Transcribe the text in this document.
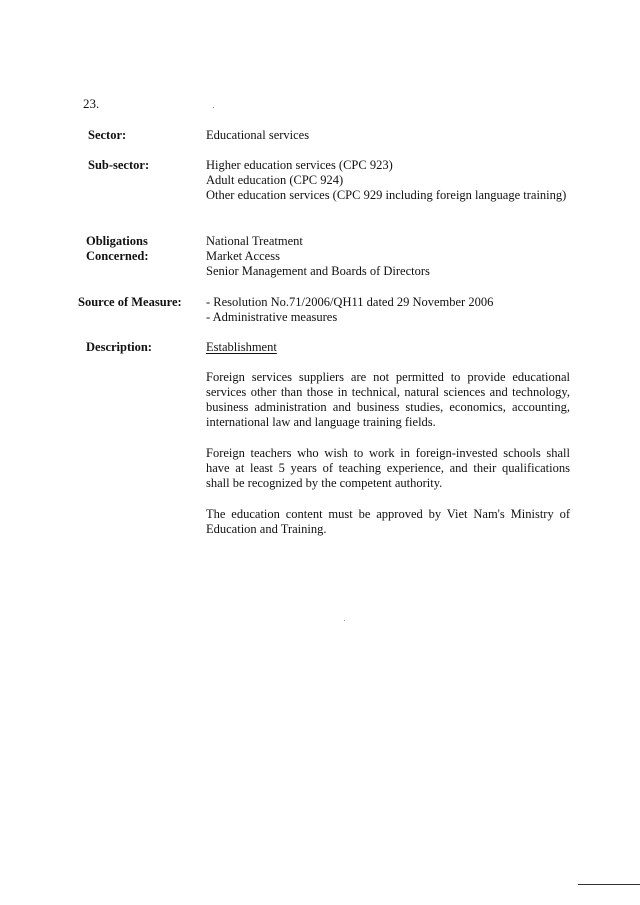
23.
Sector:	Educational services
Sub-sector:	Higher education services (CPC 923)
Adult education (CPC 924)
Other education services (CPC 929 including foreign language training)
Obligations
Concerned:
National Treatment
Market Access
Senior Management and Boards of Directors
Source of Measure: - Resolution No.71/2006/QH11 dated 29 November 2006
- Administrative measures
Description:	Establishment

Foreign services suppliers are not permitted to provide educational services other than those in technical, natural sciences and technology, business administration and business studies, economics, accounting, international law and language training fields.

Foreign teachers who wish to work in foreign-invested schools shall have at least 5 years of teaching experience, and their qualifications shall be recognized by the competent authority.

The education content must be approved by Viet Nam's Ministry of Education and Training.
